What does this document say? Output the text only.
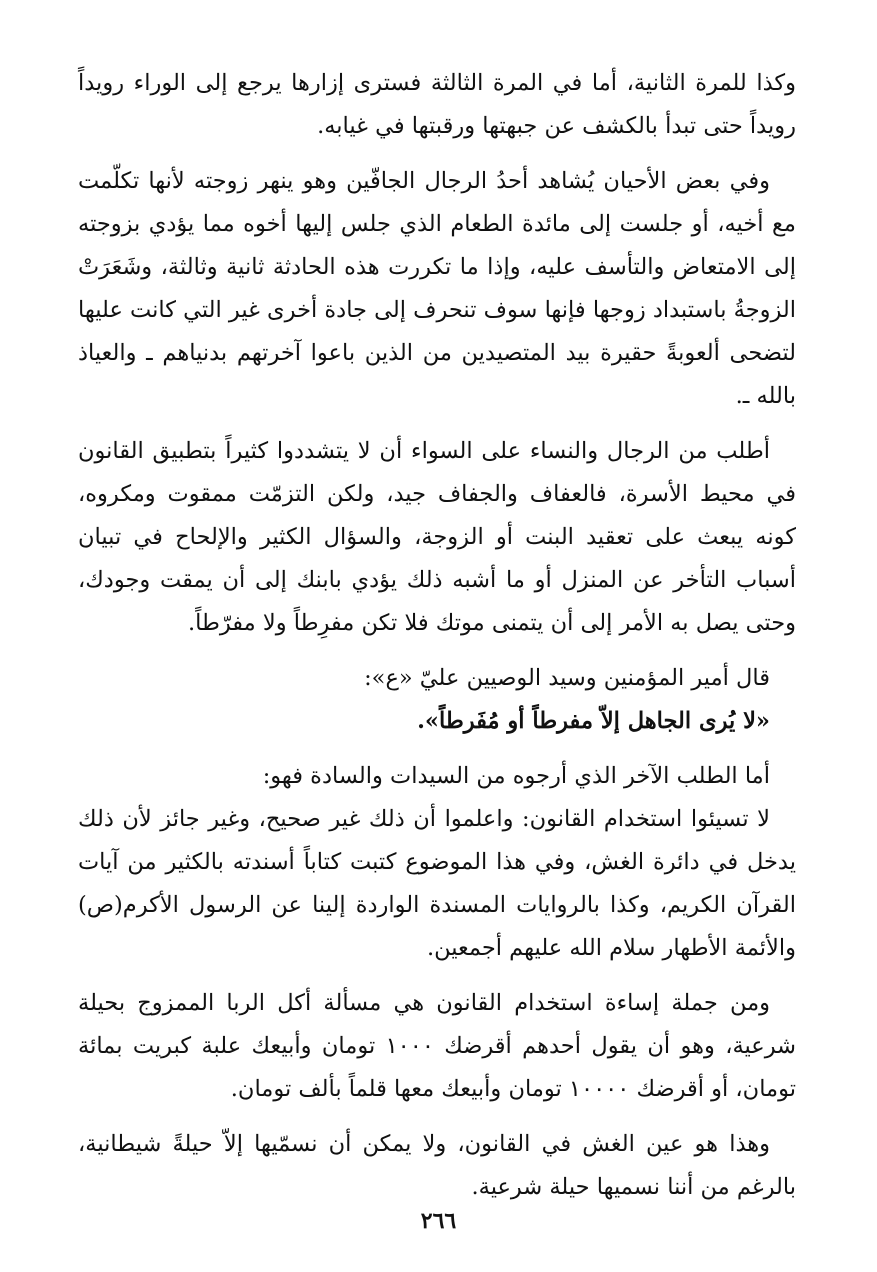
وكذا للمرة الثانية، أما في المرة الثالثة فسترى إزارها يرجع إلى الوراء رويداً رويداً حتى تبدأ بالكشف عن جبهتها ورقبتها في غيابه.

وفي بعض الأحيان يُشاهد أحدُ الرجال الجافّين وهو ينهر زوجته لأنها تكلّمت مع أخيه، أو جلست إلى مائدة الطعام الذي جلس إليها أخوه مما يؤدي بزوجته إلى الامتعاض والتأسف عليه، وإذا ما تكررت هذه الحادثة ثانية وثالثة، وشَعَرَتْ الزوجةُ باستبداد زوجها فإنها سوف تنحرف إلى جادة أخرى غير التي كانت عليها لتضحى ألعوبةً حقيرة بيد المتصيدين من الذين باعوا آخرتهم بدنياهم ـ والعياذ بالله ـ.

أطلب من الرجال والنساء على السواء أن لا يتشددوا كثيراً بتطبيق القانون في محيط الأسرة، فالعفاف والجفاف جيد، ولكن التزمّت ممقوت ومكروه، كونه يبعث على تعقيد البنت أو الزوجة، والسؤال الكثير والإلحاح في تبيان أسباب التأخر عن المنزل أو ما أشبه ذلك يؤدي بابنك إلى أن يمقت وجودك، وحتى يصل به الأمر إلى أن يتمنى موتك فلا تكن مفرِطاً ولا مفرّطاً.

قال أمير المؤمنين وسيد الوصيين عليّ «ع»:

«لا يُرى الجاهل إلاّ مفرطاً أو مُفَرطاً».

أما الطلب الآخر الذي أرجوه من السيدات والسادة فهو:

لا تسيئوا استخدام القانون: واعلموا أن ذلك غير صحيح، وغير جائز لأن ذلك يدخل في دائرة الغش، وفي هذا الموضوع كتبت كتاباً أسندته بالكثير من آيات القرآن الكريم، وكذا بالروايات المسندة الواردة إلينا عن الرسول الأكرم(ص) والأئمة الأطهار سلام الله عليهم أجمعين.

ومن جملة إساءة استخدام القانون هي مسألة أكل الربا الممزوج بحيلة شرعية، وهو أن يقول أحدهم أقرضك ١٠٠٠ تومان وأبيعك علبة كبريت بمائة تومان، أو أقرضك ١٠٠٠٠ تومان وأبيعك معها قلماً بألف تومان.

وهذا هو عين الغش في القانون، ولا يمكن أن نسمّيها إلاّ حيلةً شيطانية، بالرغم من أننا نسميها حيلة شرعية.

٢٦٦
